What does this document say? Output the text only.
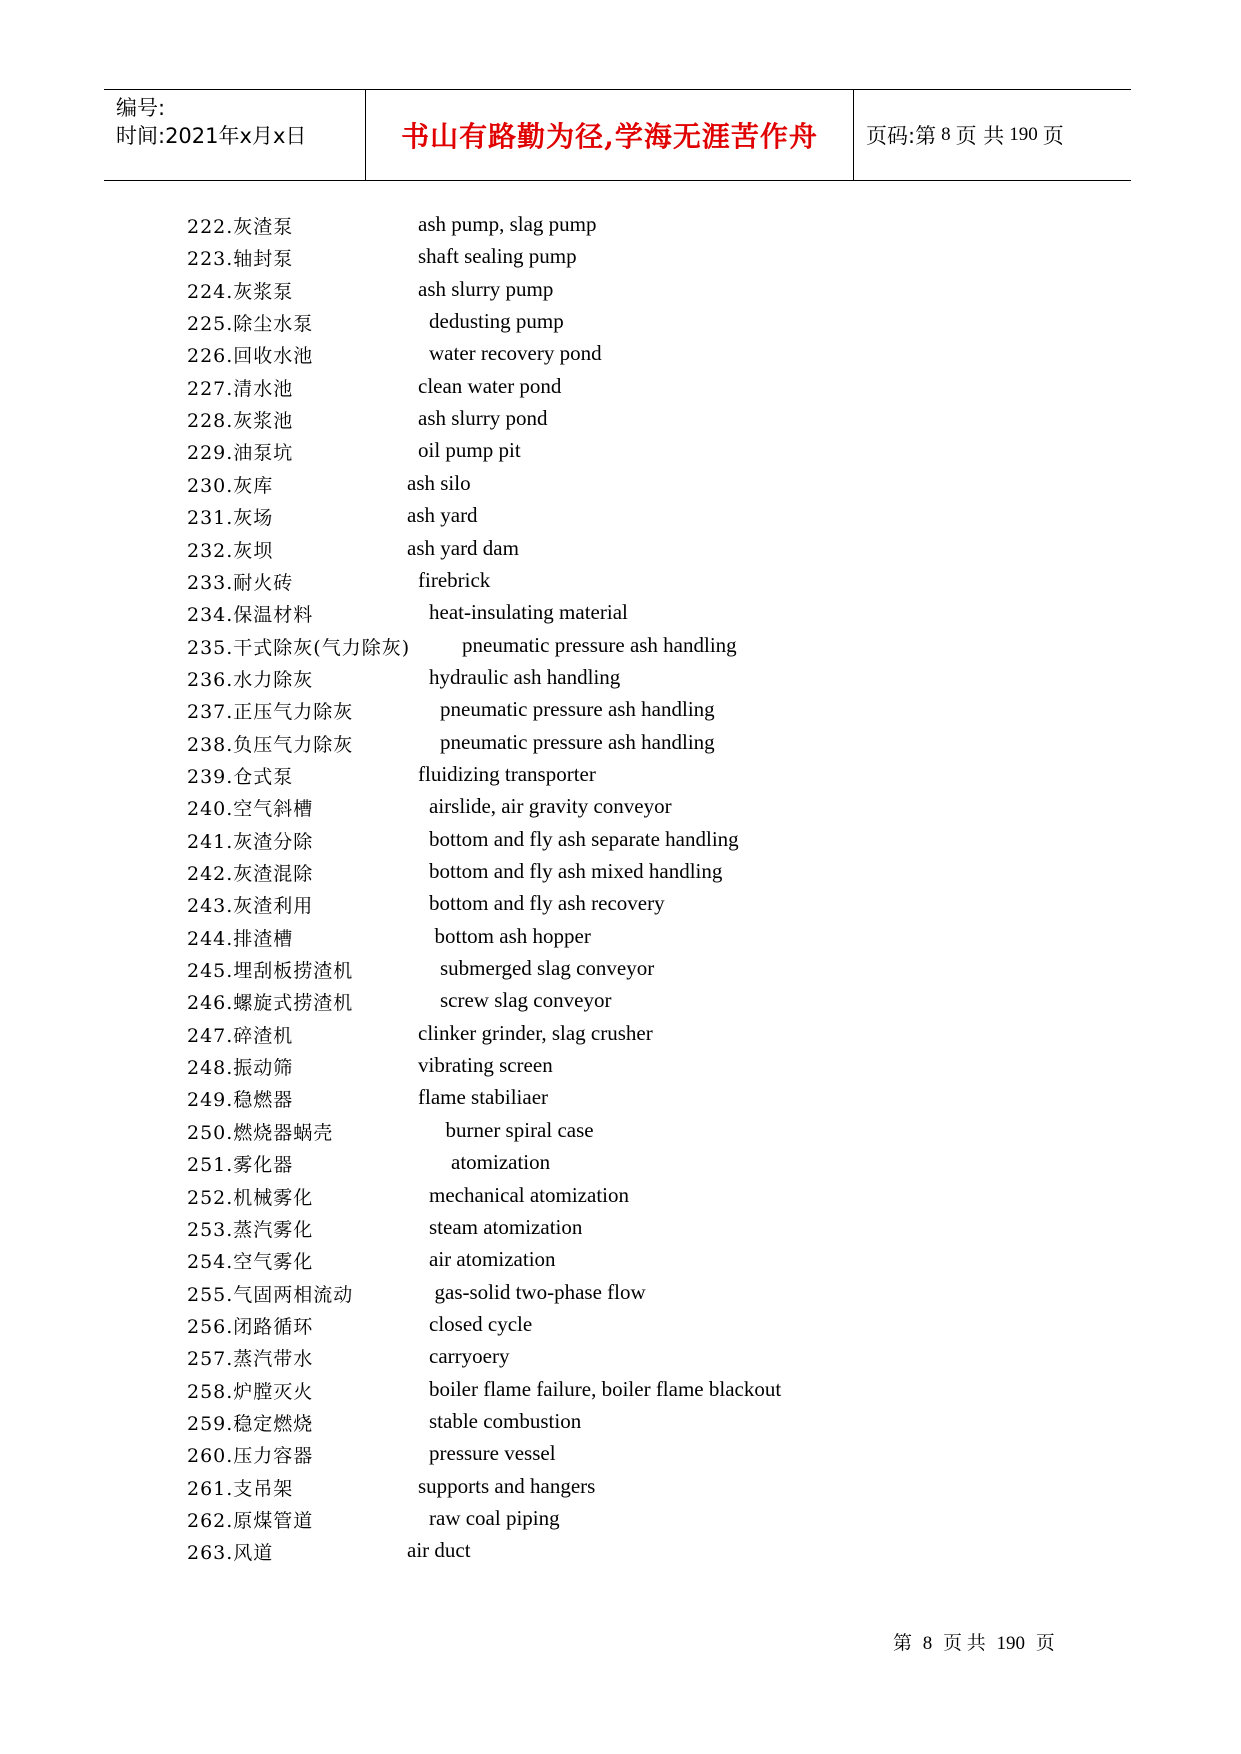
编号:
时间:2021年x月x日	书山有路勤为径,学海无涯苦作舟 页码:第 8 页 共 190 页
222.灰渣泵	ash pump, slag pump
223.轴封泵	shaft sealing pump
224.灰浆泵	ash slurry pump
225.除尘水泵	dedusting pump
226.回收水池	water recovery pond
227.清水池	clean water pond
228.灰浆池	ash slurry pond
229.油泵坑	oil pump pit
230.灰库	ash silo
231.灰场	ash yard
232.灰坝	ash yard dam
233.耐火砖	firebrick
234.保温材料	heat-insulating material
235.干式除灰(气力除灰) pneumatic pressure ash handling
236.水力除灰	hydraulic ash handling
237.正压气力除灰	pneumatic pressure ash handling
238.负压气力除灰	pneumatic pressure ash handling
239.仓式泵	fluidizing transporter
240.空气斜槽	airslide, air gravity conveyor
241.灰渣分除	bottom and fly ash separate handling
242.灰渣混除	bottom and fly ash mixed handling
243.灰渣利用	bottom and fly ash recovery
244.排渣槽	bottom ash hopper
245.埋刮板捞渣机	submerged slag conveyor
246.螺旋式捞渣机	screw slag conveyor
247.碎渣机	clinker grinder, slag crusher
248.振动筛	vibrating screen
249.稳燃器	flame stabiliaer
250.燃烧器蜗壳	burner spiral case
251.雾化器	atomization
252.机械雾化	mechanical atomization
253.蒸汽雾化	steam atomization
254.空气雾化	air atomization
255.气固两相流动	gas-solid two-phase flow
256.闭路循环	closed cycle
257.蒸汽带水	carryoery
258.炉膛灭火	boiler flame failure, boiler flame blackout
259.稳定燃烧	stable combustion
260.压力容器	pressure vessel
261.支吊架	supports and hangers
262.原煤管道	raw coal piping
263.风道	air duct
第 8 页 共 190 页
